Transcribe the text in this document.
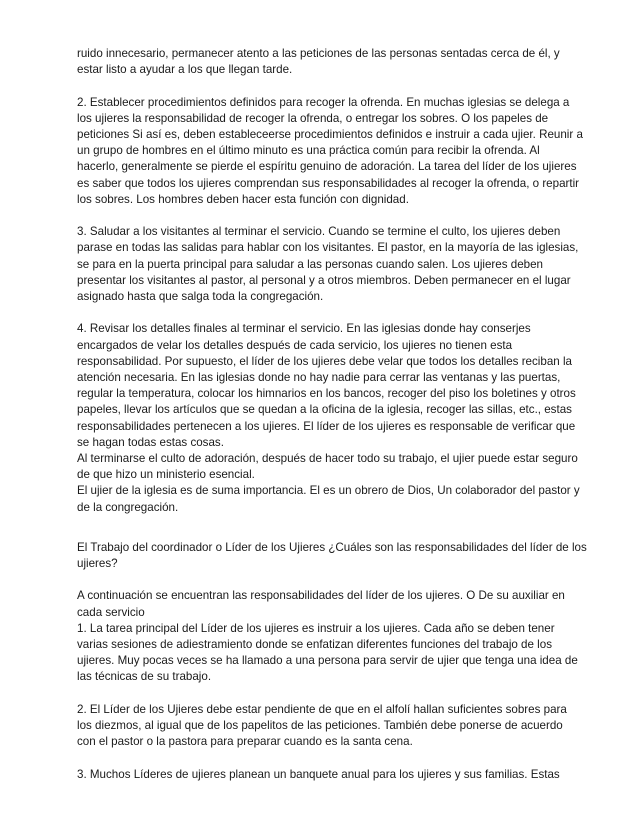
ruido innecesario, permanecer atento a las peticiones de las personas sentadas cerca de él, y
estar listo a ayudar a los que llegan tarde.

2. Establecer procedimientos definidos para recoger la ofrenda. En muchas iglesias se delega a
los ujieres la responsabilidad de recoger la ofrenda, o entregar los sobres. O los papeles de
peticiones Si así es, deben estableceerse procedimientos definidos e instruir a cada ujier. Reunir a
un grupo de hombres en el último minuto es una práctica común para recibir la ofrenda. Al
hacerlo, generalmente se pierde el espíritu genuino de adoración. La tarea del líder de los ujieres
es saber que todos los ujieres comprendan sus responsabilidades al recoger la ofrenda, o repartir
los sobres. Los hombres deben hacer esta función con dignidad.

3. Saludar a los visitantes al terminar el servicio. Cuando se termine el culto, los ujieres deben
parase en todas las salidas para hablar con los visitantes. El pastor, en la mayoría de las iglesias,
se para en la puerta principal para saludar a las personas cuando salen. Los ujieres deben
presentar los visitantes al pastor, al personal y a otros miembros. Deben permanecer en el lugar
asignado hasta que salga toda la congregación.

4. Revisar los detalles finales al terminar el servicio. En las iglesias donde hay conserjes
encargados de velar los detalles después de cada servicio, los ujieres no tienen esta
responsabilidad. Por supuesto, el líder de los ujieres debe velar que todos los detalles reciban la
atención necesaria. En las iglesias donde no hay nadie para cerrar las ventanas y las puertas,
regular la temperatura, colocar los himnarios en los bancos, recoger del piso los boletines y otros
papeles, llevar los artículos que se quedan a la oficina de la iglesia, recoger las sillas, etc., estas
responsabilidades pertenecen a los ujieres. El líder de los ujieres es responsable de verificar que
se hagan todas estas cosas.
Al terminarse el culto de adoración, después de hacer todo su trabajo, el ujier puede estar seguro
de que hizo un ministerio esencial.
El ujier de la iglesia es de suma importancia. El es un obrero de Dios, Un colaborador del pastor y
de la congregación.

El Trabajo del coordinador o Líder de los Ujieres ¿Cuáles son las responsabilidades del líder de los
ujieres?

A continuación se encuentran las responsabilidades del líder de los ujieres. O De su auxiliar en
cada servicio
1. La tarea principal del Líder de los ujieres es instruir a los ujieres. Cada año se deben tener
varias sesiones de adiestramiento donde se enfatizan diferentes funciones del trabajo de los
ujieres. Muy pocas veces se ha llamado a una persona para servir de ujier que tenga una idea de
las técnicas de su trabajo.

2. El Líder de los Ujieres debe estar pendiente de que en el alfolí hallan suficientes sobres para
los diezmos, al igual que de los papelitos de las peticiones. También debe ponerse de acuerdo
con el pastor o la pastora para preparar cuando es la santa cena.

3. Muchos Líderes de ujieres planean un banquete anual para los ujieres y sus familias. Estas
